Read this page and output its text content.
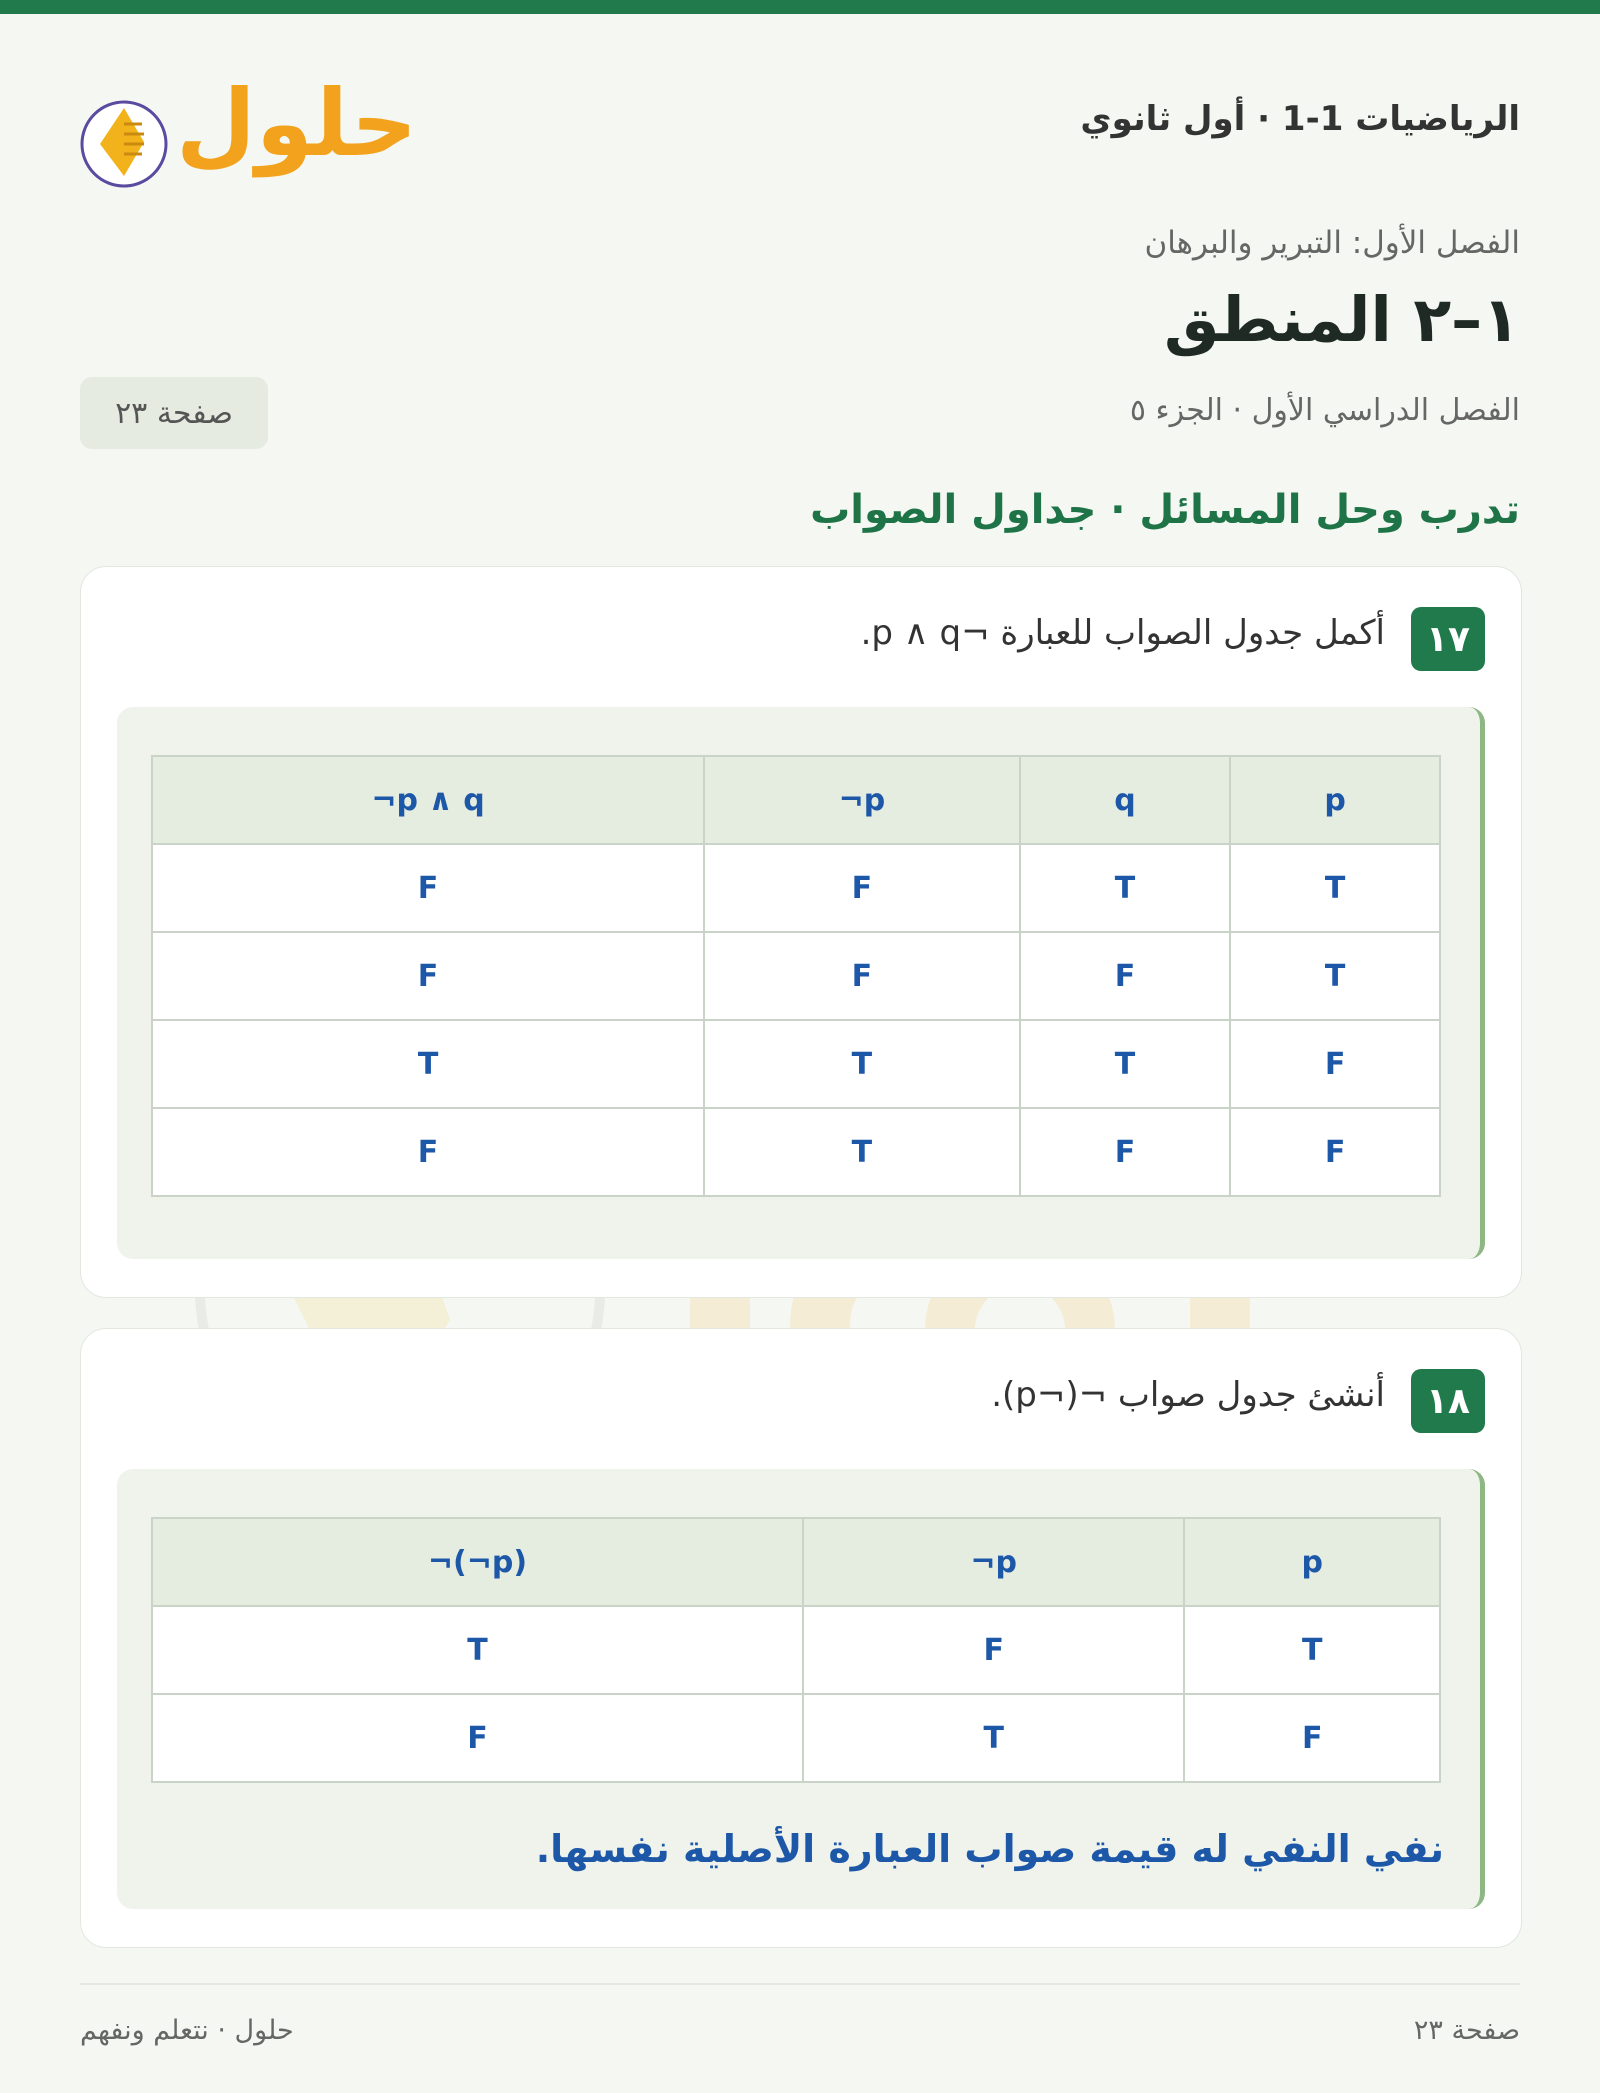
الرياضيات 1-1 · أول ثانوي
حلول
الفصل الأول: التبرير والبرهان
١–٢ المنطق
الفصل الدراسي الأول · الجزء ٥
صفحة ٢٣
تدرب وحل المسائل · جداول الصواب
١٧
أكمل جدول الصواب للعبارة ¬p ∧ q.
¬p ∧ q	¬p	q	p
F	F	T	T
F	F	F	T
T	T	T	F
F	T	F	F
١٨
أنشئ جدول صواب ¬(¬p).
¬(¬p)	¬p	p
T	F	T
F	T	F
نفي النفي له قيمة صواب العبارة الأصلية نفسها.
حلول · نتعلم ونفهم	صفحة ٢٣
